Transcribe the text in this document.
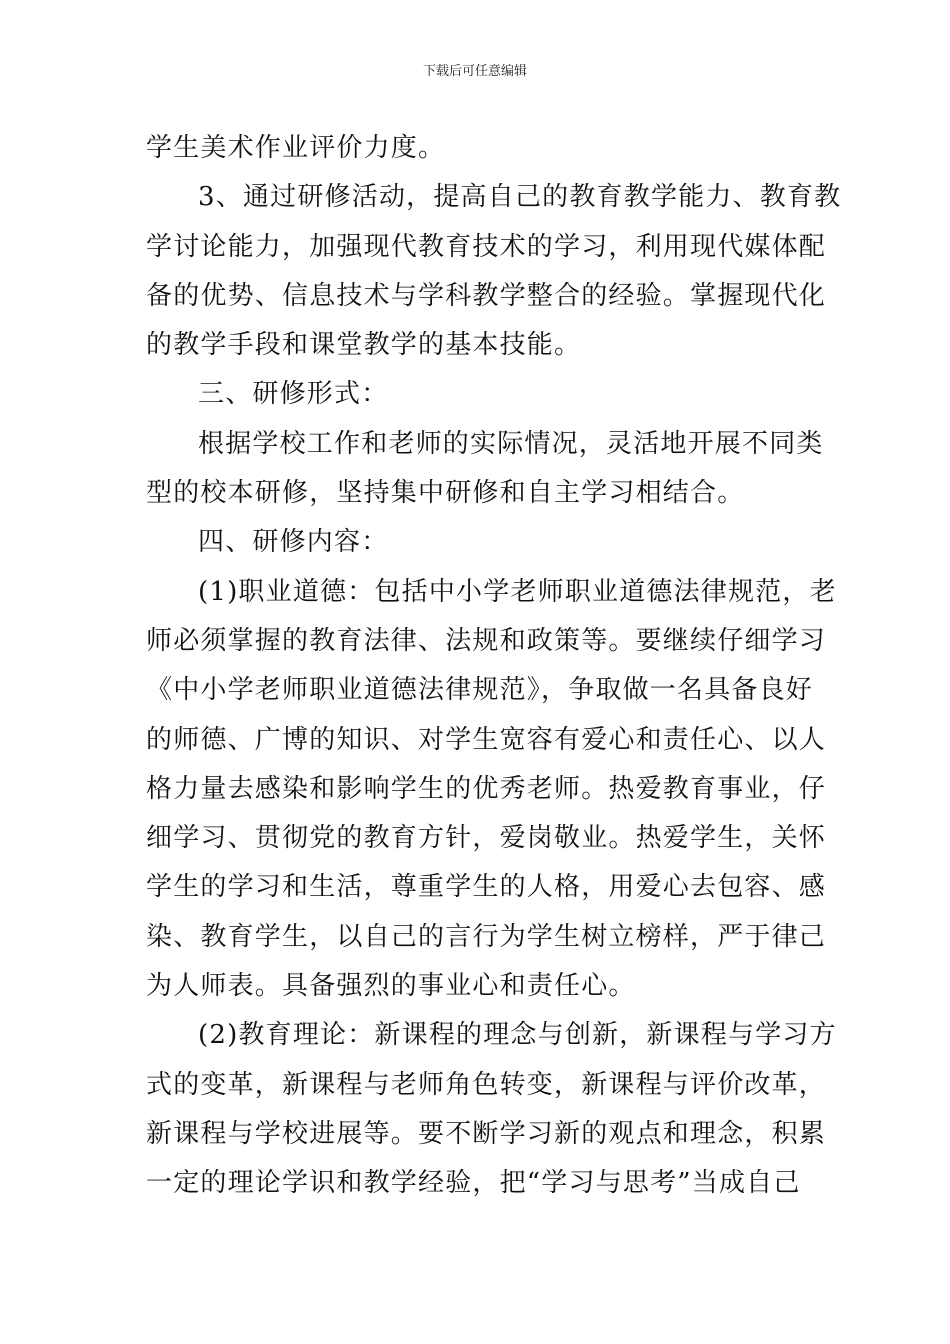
下载后可任意编辑
学生美术作业评价力度。
3、通过研修活动，提高自己的教育教学能力、教育教
学讨论能力，加强现代教育技术的学习，利用现代媒体配
备的优势、信息技术与学科教学整合的经验。掌握现代化
的教学手段和课堂教学的基本技能。
三、研修形式：
根据学校工作和老师的实际情况，灵活地开展不同类
型的校本研修，坚持集中研修和自主学习相结合。
四、研修内容：
(1)职业道德：包括中小学老师职业道德法律规范，老
师必须掌握的教育法律、法规和政策等。要继续仔细学习
《中小学老师职业道德法律规范》，争取做一名具备良好
的师德、广博的知识、对学生宽容有爱心和责任心、以人
格力量去感染和影响学生的优秀老师。热爱教育事业，仔
细学习、贯彻党的教育方针，爱岗敬业。热爱学生，关怀
学生的学习和生活，尊重学生的人格，用爱心去包容、感
染、教育学生，以自己的言行为学生树立榜样，严于律己
为人师表。具备强烈的事业心和责任心。
(2)教育理论：新课程的理念与创新，新课程与学习方
式的变革，新课程与老师角色转变，新课程与评价改革，
新课程与学校进展等。要不断学习新的观点和理念，积累
一定的理论学识和教学经验，把“学习与思考”当成自己
